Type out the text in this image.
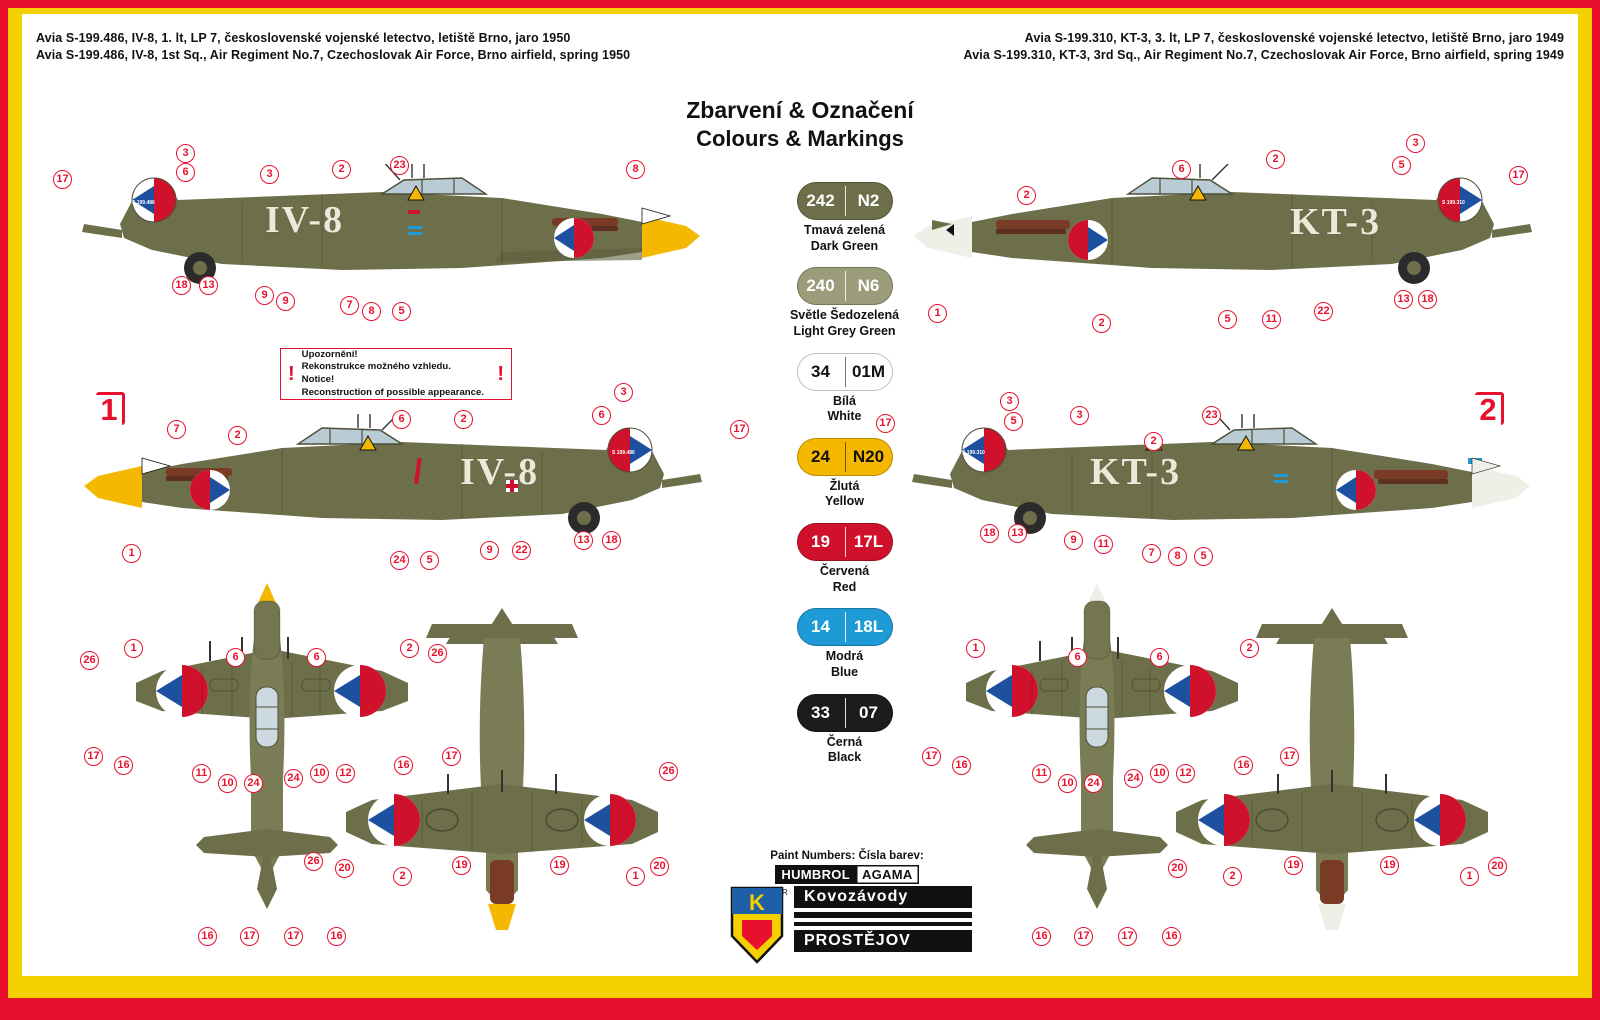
Avia S-199.486, IV-8, 1. lt, LP 7, československé vojenské letectvo, letiště Brno, jaro 1950
Avia S-199.486, IV-8, 1st Sq., Air Regiment No.7, Czechoslovak Air Force, Brno airfield, spring 1950
Avia S-199.310, KT-3, 3. lt, LP 7, československé vojenské letectvo, letiště Brno, jaro 1949
Avia S-199.310, KT-3, 3rd Sq., Air Regiment No.7, Czechoslovak Air Force, Brno airfield, spring 1949
Zbarvení & Označení
Colours & Markings
!
Upozornění!
Rekonstrukce možného vzhledu.
Notice!
Reconstruction of possible appearance.
!
1	2
242	N2
Tmavá zelená
Dark Green
240	N6
Světle Šedozelená
Light Grey Green
34	01M
Bílá
White
24	N20
Žlutá
Yellow
19	17L
Červená
Red
14	18L
Modrá
Blue
33	07
Černá
Black
Paint Numbers: Čísla barev:
HUMBROL AGAMA
R
K	Kovozávody
PROSTĚJOV
IV-8
S 199.486
17
3
6	3	2	23	8
18	13
9	9	7	8	5
IV-8	S 199.486
7	2
6	2
3
6
17
1
24	5
9	22
13	18
26
1
6	6
2	26
17
16
11
10	24	24	10	12
16
17
2
20	19	19
1
20
26
26
16	17	17	16
KT-3	S 199.310
2
6
2
3
5
17
1
2	5	11
22
13	18
KT-3
S 199.310
17
3
5	3
2
23
18	13
9	11
7	8	5
1
6	6
2
17
16
11
10	24	24	10	12
16
17
2
20	19	19
1
20
16	17	17	16
